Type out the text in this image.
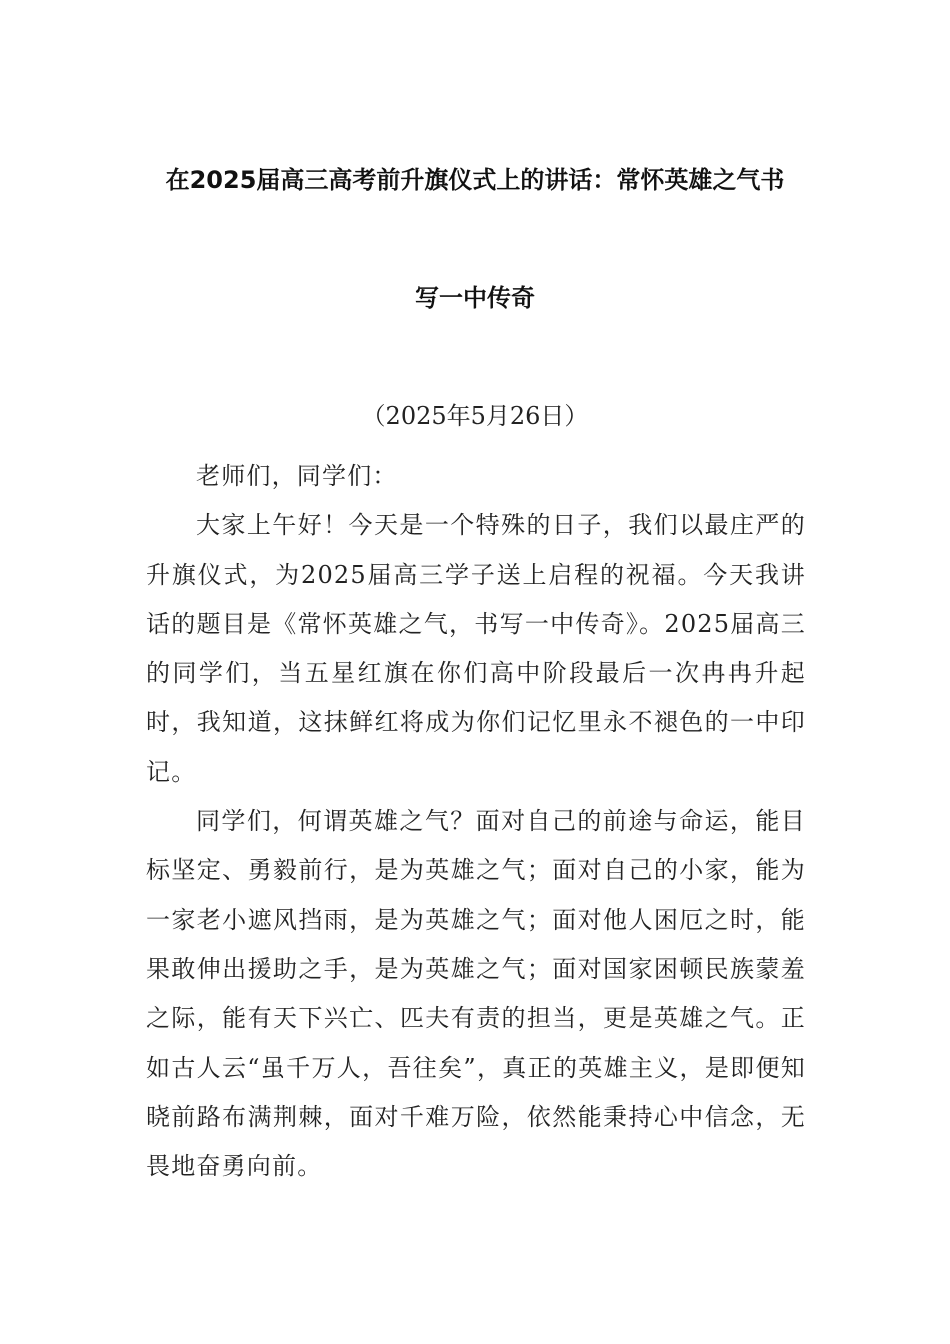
在2025届高三高考前升旗仪式上的讲话：常怀英雄之气书
写一中传奇
（2025年5月26日）

老师们，同学们：

大家上午好！今天是一个特殊的日子，我们以最庄严的升旗仪式，为2025届高三学子送上启程的祝福。今天我讲话的题目是《常怀英雄之气，书写一中传奇》。2025届高三的同学们，当五星红旗在你们高中阶段最后一次冉冉升起时，我知道，这抹鲜红将成为你们记忆里永不褪色的一中印记。

同学们，何谓英雄之气？面对自己的前途与命运，能目标坚定、勇毅前行，是为英雄之气；面对自己的小家，能为一家老小遮风挡雨，是为英雄之气；面对他人困厄之时，能果敢伸出援助之手，是为英雄之气；面对国家困顿民族蒙羞之际，能有天下兴亡、匹夫有责的担当，更是英雄之气。正如古人云“虽千万人，吾往矣”，真正的英雄主义，是即便知晓前路布满荆棘，面对千难万险，依然能秉持心中信念，无畏地奋勇向前。
